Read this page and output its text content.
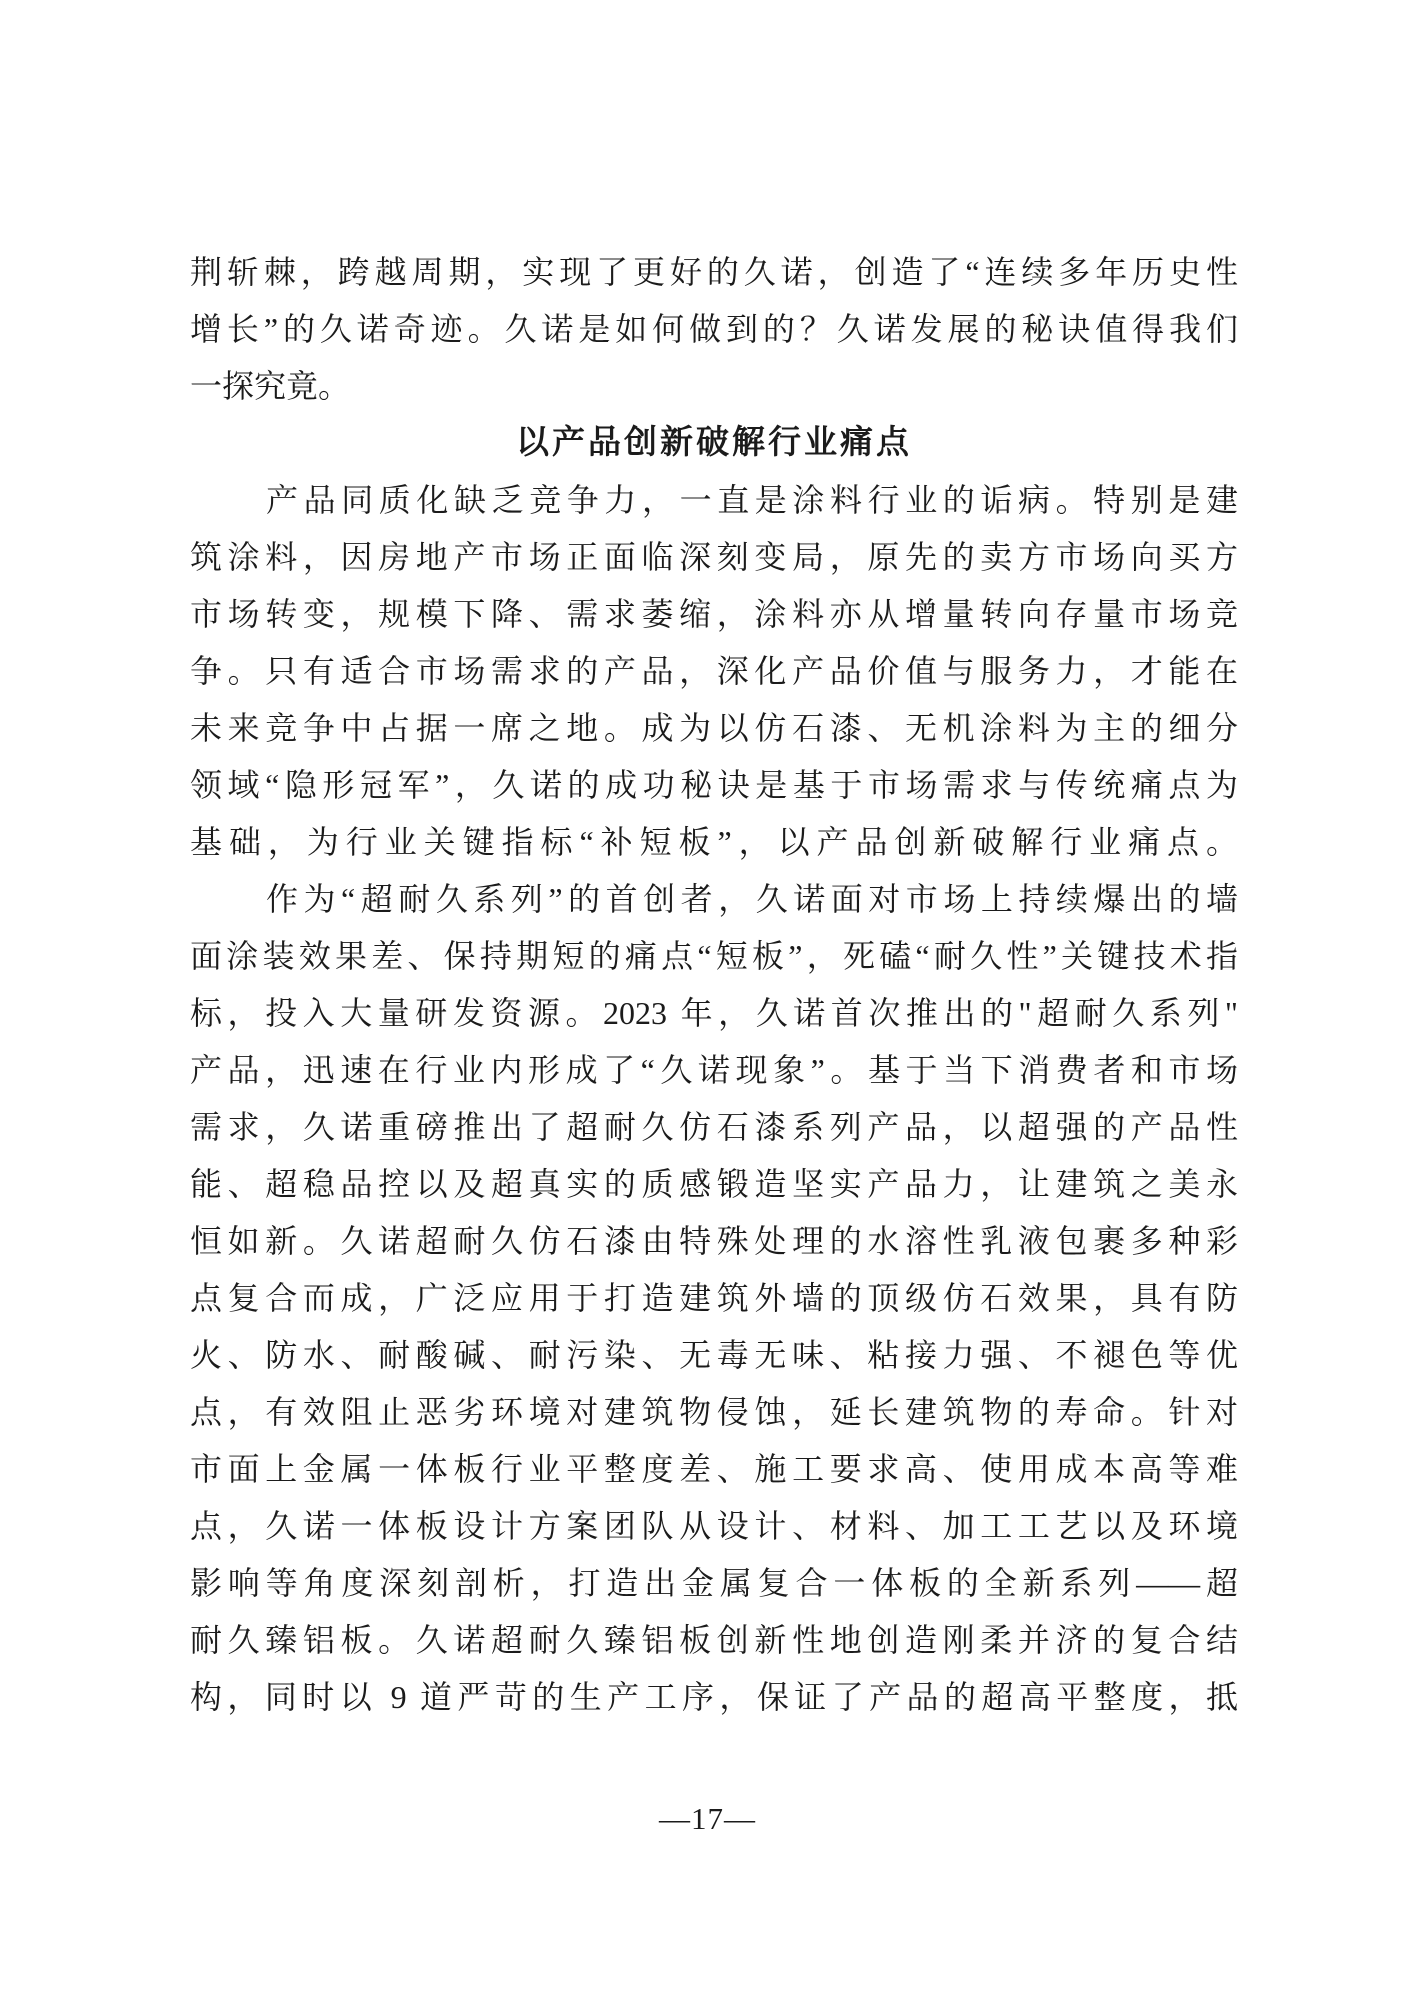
荆斩棘，跨越周期，实现了更好的久诺，创造了“连续多年历史性
增长”的久诺奇迹。久诺是如何做到的？久诺发展的秘诀值得我们
一探究竟。
以产品创新破解行业痛点
产品同质化缺乏竞争力，一直是涂料行业的诟病。特别是建
筑涂料，因房地产市场正面临深刻变局，原先的卖方市场向买方
市场转变，规模下降、需求萎缩，涂料亦从增量转向存量市场竞
争。只有适合市场需求的产品，深化产品价值与服务力，才能在
未来竞争中占据一席之地。成为以仿石漆、无机涂料为主的细分
领域“隐形冠军”，久诺的成功秘诀是基于市场需求与传统痛点为
基础，为行业关键指标“补短板”，以产品创新破解行业痛点。
作为“超耐久系列”的首创者，久诺面对市场上持续爆出的墙
面涂装效果差、保持期短的痛点“短板”，死磕“耐久性”关键技术指
标，投入大量研发资源。2023 年，久诺首次推出的"超耐久系列"
产品，迅速在行业内形成了“久诺现象”。基于当下消费者和市场
需求，久诺重磅推出了超耐久仿石漆系列产品，以超强的产品性
能、超稳品控以及超真实的质感锻造坚实产品力，让建筑之美永
恒如新。久诺超耐久仿石漆由特殊处理的水溶性乳液包裹多种彩
点复合而成，广泛应用于打造建筑外墙的顶级仿石效果，具有防
火、防水、耐酸碱、耐污染、无毒无味、粘接力强、不褪色等优
点，有效阻止恶劣环境对建筑物侵蚀，延长建筑物的寿命。针对
市面上金属一体板行业平整度差、施工要求高、使用成本高等难
点，久诺一体板设计方案团队从设计、材料、加工工艺以及环境
影响等角度深刻剖析，打造出金属复合一体板的全新系列——超
耐久臻铝板。久诺超耐久臻铝板创新性地创造刚柔并济的复合结
构，同时以 9 道严苛的生产工序，保证了产品的超高平整度，抵
—17—
